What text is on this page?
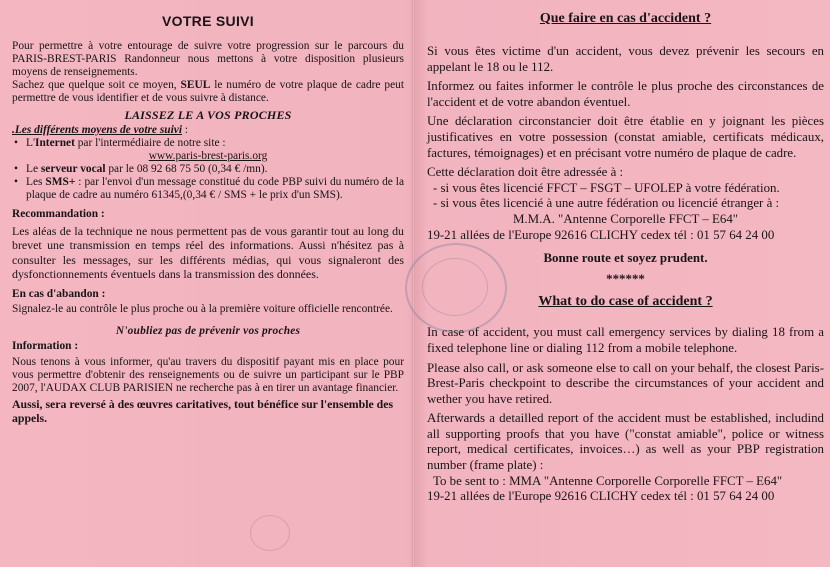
VOTRE SUIVI

Pour permettre à votre entourage de suivre votre progression sur le parcours du PARIS-BREST-PARIS Randonneur nous mettons à votre disposition plusieurs moyens de renseignements.

Sachez que quelque soit ce moyen, SEUL le numéro de votre plaque de cadre peut permettre de vous identifier et de vous suivre à distance.

LAISSEZ LE A VOS PROCHES
.Les différents moyens de votre suivi :
• L'Internet par l'intermédiaire de notre site :
www.paris-brest-paris.org
• Le serveur vocal par le 08 92 68 75 50 (0,34 € /mn).
• Les SMS+ : par l'envoi d'un message constitué du code PBP suivi du numéro de la plaque de cadre au numéro 61345,(0,34 € / SMS + le prix d'un SMS).
Recommandation :

Les aléas de la technique ne nous permettent pas de vous garantir tout au long du brevet une transmission en temps réel des informations. Aussi n'hésitez pas à consulter les messages, sur les différents médias, qui vous signaleront des dysfonctionnements éventuels dans la transmission des données.

En cas d'abandon :

Signalez-le au contrôle le plus proche ou à la première voiture officielle rencontrée.

N'oubliez pas de prévenir vos proches
Information :

Nous tenons à vous informer, qu'au travers du dispositif payant mis en place pour vous permettre d'obtenir des renseignements ou de suivre un participant sur le PBP 2007, l'AUDAX CLUB PARISIEN ne recherche pas à en tirer un avantage financier.

Aussi, sera reversé à des œuvres caritatives, tout bénéfice sur l'ensemble des appels.

Que faire en cas d'accident ?

Si vous êtes victime d'un accident, vous devez prévenir les secours en appelant le 18 ou le 112.

Informez ou faites informer le contrôle le plus proche des circonstances de l'accident et de votre abandon éventuel.

Une déclaration circonstancier doit être établie en y joignant les pièces justificatives en votre possession (constat amiable, certificats médicaux, factures, témoignages) et en précisant votre numéro de plaque de cadre.

Cette déclaration doit être adressée à :

- si vous êtes licencié FFCT – FSGT – UFOLEP à votre fédération.
- si vous êtes licencié à une autre fédération ou licencié étranger à :
M.M.A. "Antenne Corporelle FFCT – E64"
19-21 allées de l'Europe 92616 CLICHY cedex tél : 01 57 64 24 00
Bonne route et soyez prudent.
******
What to do case of accident ?

In case of accident, you must call emergency services by dialing 18 from a fixed telephone line or dialing 112 from a mobile telephone.

Please also call, or ask someone else to call on your behalf, the closest Paris-Brest-Paris checkpoint to describe the circumstances of your accident and wether you have retired.

Afterwards a detailled report of the accident must be established, includind all supporting proofs that you have ("constat amiable", police or witness report, medical certificates, invoices…) as well as your PBP registration number (frame plate) :

To be sent to : MMA "Antenne Corporelle Corporelle FFCT – E64"
19-21 allées de l'Europe 92616 CLICHY cedex tél : 01 57 64 24 00
